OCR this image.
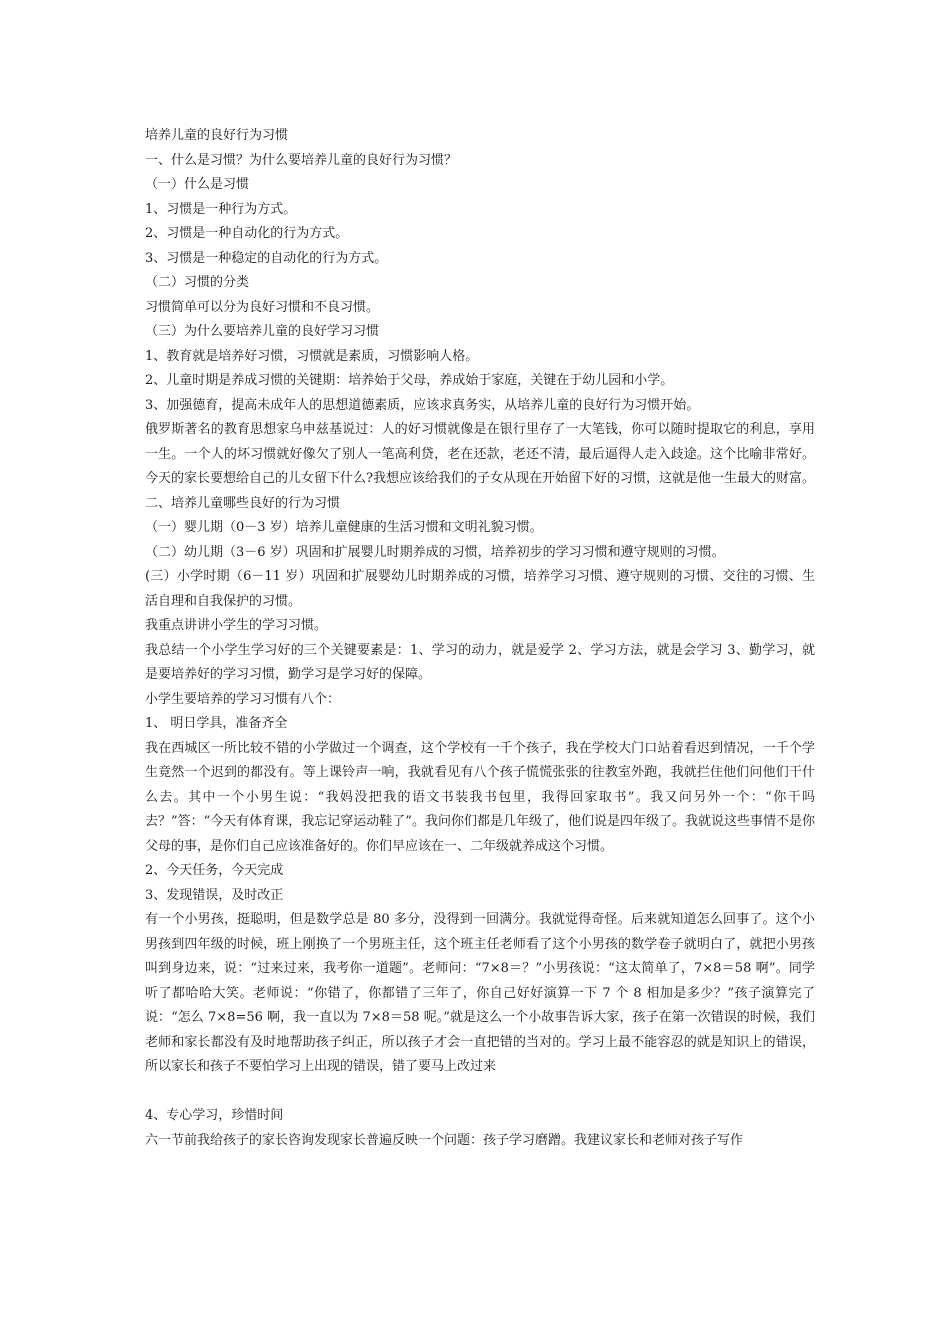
培养儿童的良好行为习惯

一、什么是习惯？为什么要培养儿童的良好行为习惯？

（一）什么是习惯

1、习惯是一种行为方式。

2、习惯是一种自动化的行为方式。

3、习惯是一种稳定的自动化的行为方式。

（二）习惯的分类

习惯简单可以分为良好习惯和不良习惯。

（三）为什么要培养儿童的良好学习习惯

1、教育就是培养好习惯，习惯就是素质，习惯影响人格。

2、儿童时期是养成习惯的关键期：培养始于父母，养成始于家庭，关键在于幼儿园和小学。

3、加强德育，提高未成年人的思想道德素质，应该求真务实，从培养儿童的良好行为习惯开始。

俄罗斯著名的教育思想家乌申兹基说过：人的好习惯就像是在银行里存了一大笔钱，你可以随时提取它的利息，享用一生。一个人的坏习惯就好像欠了别人一笔高利贷，老在还款，老还不清，最后逼得人走入歧途。这个比喻非常好。今天的家长要想给自己的儿女留下什么?我想应该给我们的子女从现在开始留下好的习惯，这就是他一生最大的财富。

二、培养儿童哪些良好的行为习惯

（一）婴儿期（0－3 岁）培养儿童健康的生活习惯和文明礼貌习惯。

（二）幼儿期（3－6 岁）巩固和扩展婴儿时期养成的习惯，培养初步的学习习惯和遵守规则的习惯。

(三）小学时期（6－11 岁）巩固和扩展婴幼儿时期养成的习惯，培养学习习惯、遵守规则的习惯、交往的习惯、生活自理和自我保护的习惯。

我重点讲讲小学生的学习习惯。

我总结一个小学生学习好的三个关键要素是：1、学习的动力，就是爱学 2、学习方法，就是会学习 3、勤学习，就是要培养好的学习习惯，勤学习是学习好的保障。

小学生要培养的学习习惯有八个：

1、 明日学具，准备齐全

我在西城区一所比较不错的小学做过一个调查，这个学校有一千个孩子，我在学校大门口站着看迟到情况，一千个学生竟然一个迟到的都没有。等上课铃声一响，我就看见有八个孩子慌慌张张的往教室外跑，我就拦住他们问他们干什么去。其中一个小男生说：“我妈没把我的语文书装我书包里，我得回家取书”。我又问另外一个：“你干吗去？”答：“今天有体育课，我忘记穿运动鞋了”。我问你们都是几年级了，他们说是四年级了。我就说这些事情不是你父母的事，是你们自己应该准备好的。你们早应该在一、二年级就养成这个习惯。

2、今天任务，今天完成

3、发现错误，及时改正

有一个小男孩，挺聪明，但是数学总是 80 多分，没得到一回满分。我就觉得奇怪。后来就知道怎么回事了。这个小男孩到四年级的时候，班上刚换了一个男班主任，这个班主任老师看了这个小男孩的数学卷子就明白了，就把小男孩叫到身边来，说：“过来过来，我考你一道题”。老师问：“7×8＝？”小男孩说：“这太简单了，7×8＝58 啊”。同学听了都哈哈大笑。老师说：“你错了，你都错了三年了，你自己好好演算一下 7 个 8 相加是多少？”孩子演算完了说：“怎么 7×8=56 啊，我一直以为 7×8＝58 呢。”就是这么一个小故事告诉大家，孩子在第一次错误的时候，我们老师和家长都没有及时地帮助孩子纠正，所以孩子才会一直把错的当对的。学习上最不能容忍的就是知识上的错误，所以家长和孩子不要怕学习上出现的错误，错了要马上改过来

4、专心学习，珍惜时间

六一节前我给孩子的家长咨询发现家长普遍反映一个问题：孩子学习磨蹭。我建议家长和老师对孩子写作
